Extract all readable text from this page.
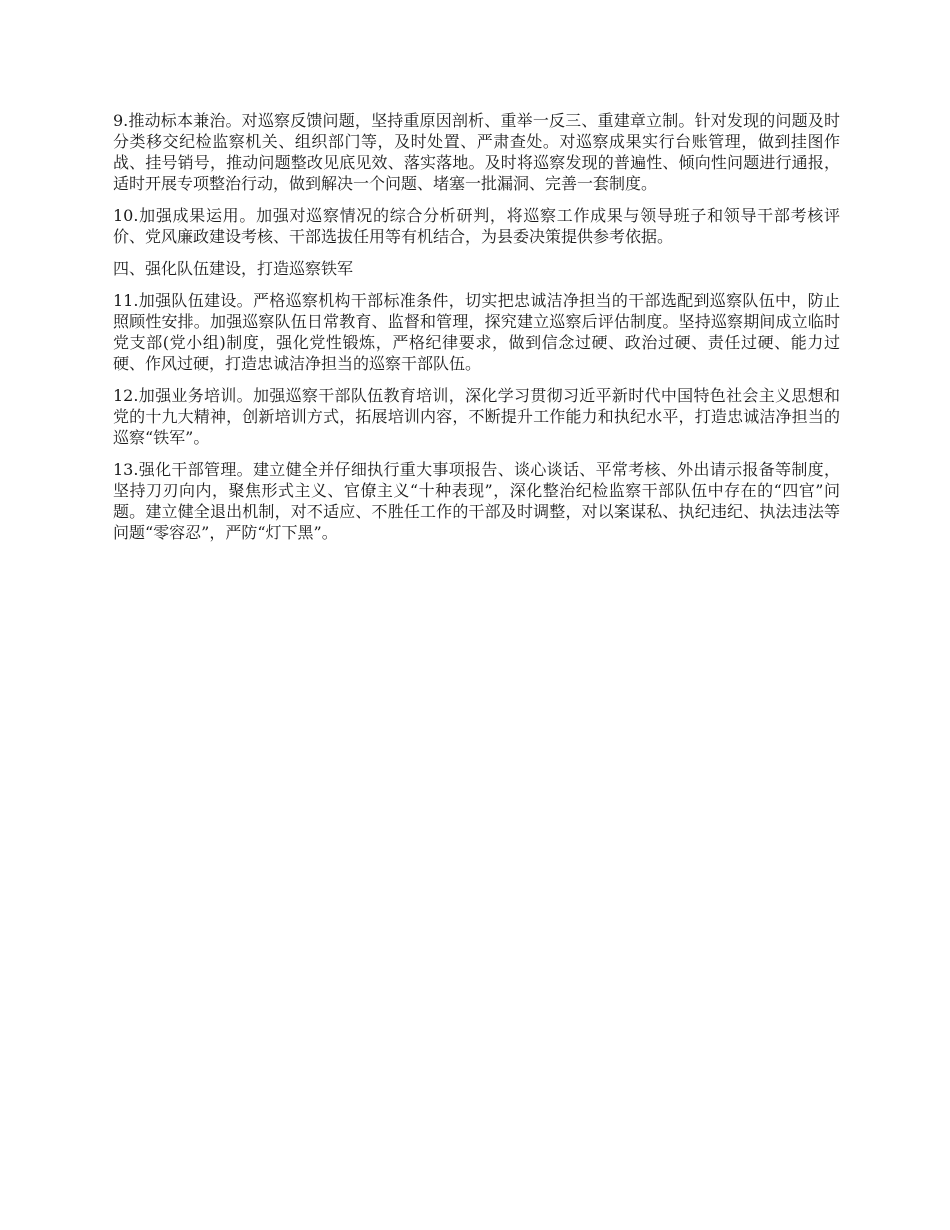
9.推动标本兼治。对巡察反馈问题，坚持重原因剖析、重举一反三、重建章立制。针对发现的问题及时分类移交纪检监察机关、组织部门等，及时处置、严肃查处。对巡察成果实行台账管理，做到挂图作战、挂号销号，推动问题整改见底见效、落实落地。及时将巡察发现的普遍性、倾向性问题进行通报，适时开展专项整治行动，做到解决一个问题、堵塞一批漏洞、完善一套制度。

10.加强成果运用。加强对巡察情况的综合分析研判，将巡察工作成果与领导班子和领导干部考核评价、党风廉政建设考核、干部选拔任用等有机结合，为县委决策提供参考依据。

四、强化队伍建设，打造巡察铁军

11.加强队伍建设。严格巡察机构干部标准条件，切实把忠诚洁净担当的干部选配到巡察队伍中，防止照顾性安排。加强巡察队伍日常教育、监督和管理，探究建立巡察后评估制度。坚持巡察期间成立临时党支部(党小组)制度，强化党性锻炼，严格纪律要求，做到信念过硬、政治过硬、责任过硬、能力过硬、作风过硬，打造忠诚洁净担当的巡察干部队伍。

12.加强业务培训。加强巡察干部队伍教育培训，深化学习贯彻习近平新时代中国特色社会主义思想和党的十九大精神，创新培训方式，拓展培训内容，不断提升工作能力和执纪水平，打造忠诚洁净担当的巡察“铁军”。

13.强化干部管理。建立健全并仔细执行重大事项报告、谈心谈话、平常考核、外出请示报备等制度，坚持刀刃向内，聚焦形式主义、官僚主义“十种表现”，深化整治纪检监察干部队伍中存在的“四官”问题。建立健全退出机制，对不适应、不胜任工作的干部及时调整，对以案谋私、执纪违纪、执法违法等问题“零容忍”，严防“灯下黑”。
